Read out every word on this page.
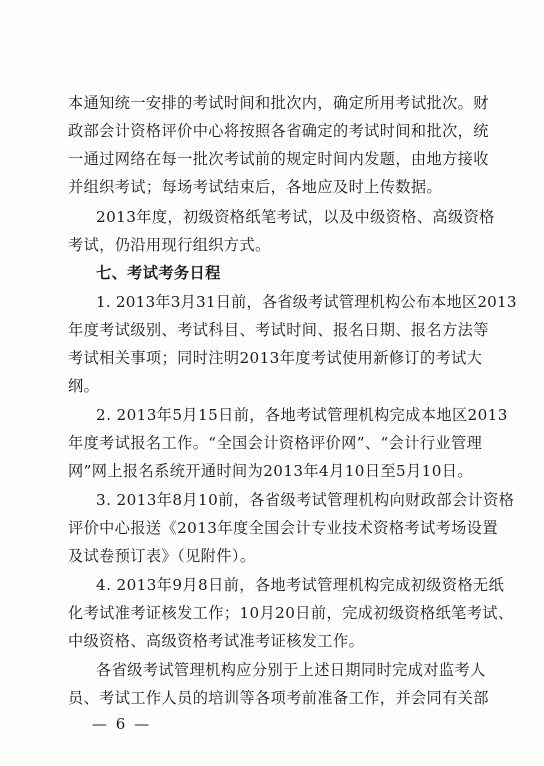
本通知统一安排的考试时间和批次内，确定所用考试批次。财
政部会计资格评价中心将按照各省确定的考试时间和批次，统
一通过网络在每一批次考试前的规定时间内发题，由地方接收
并组织考试；每场考试结束后，各地应及时上传数据。
2013年度，初级资格纸笔考试，以及中级资格、高级资格
考试，仍沿用现行组织方式。
七、考试考务日程
1. 2013年3月31日前，各省级考试管理机构公布本地区2013
年度考试级别、考试科目、考试时间、报名日期、报名方法等
考试相关事项；同时注明2013年度考试使用新修订的考试大
纲。
2. 2013年5月15日前，各地考试管理机构完成本地区2013
年度考试报名工作。“全国会计资格评价网”、“会计行业管理
网”网上报名系统开通时间为2013年4月10日至5月10日。
3. 2013年8月10前，各省级考试管理机构向财政部会计资格
评价中心报送《2013年度全国会计专业技术资格考试考场设置
及试卷预订表》（见附件）。
4. 2013年9月8日前，各地考试管理机构完成初级资格无纸
化考试准考证核发工作；10月20日前，完成初级资格纸笔考试、
中级资格、高级资格考试准考证核发工作。
各省级考试管理机构应分别于上述日期同时完成对监考人
员、考试工作人员的培训等各项考前准备工作，并会同有关部
— 6 —
